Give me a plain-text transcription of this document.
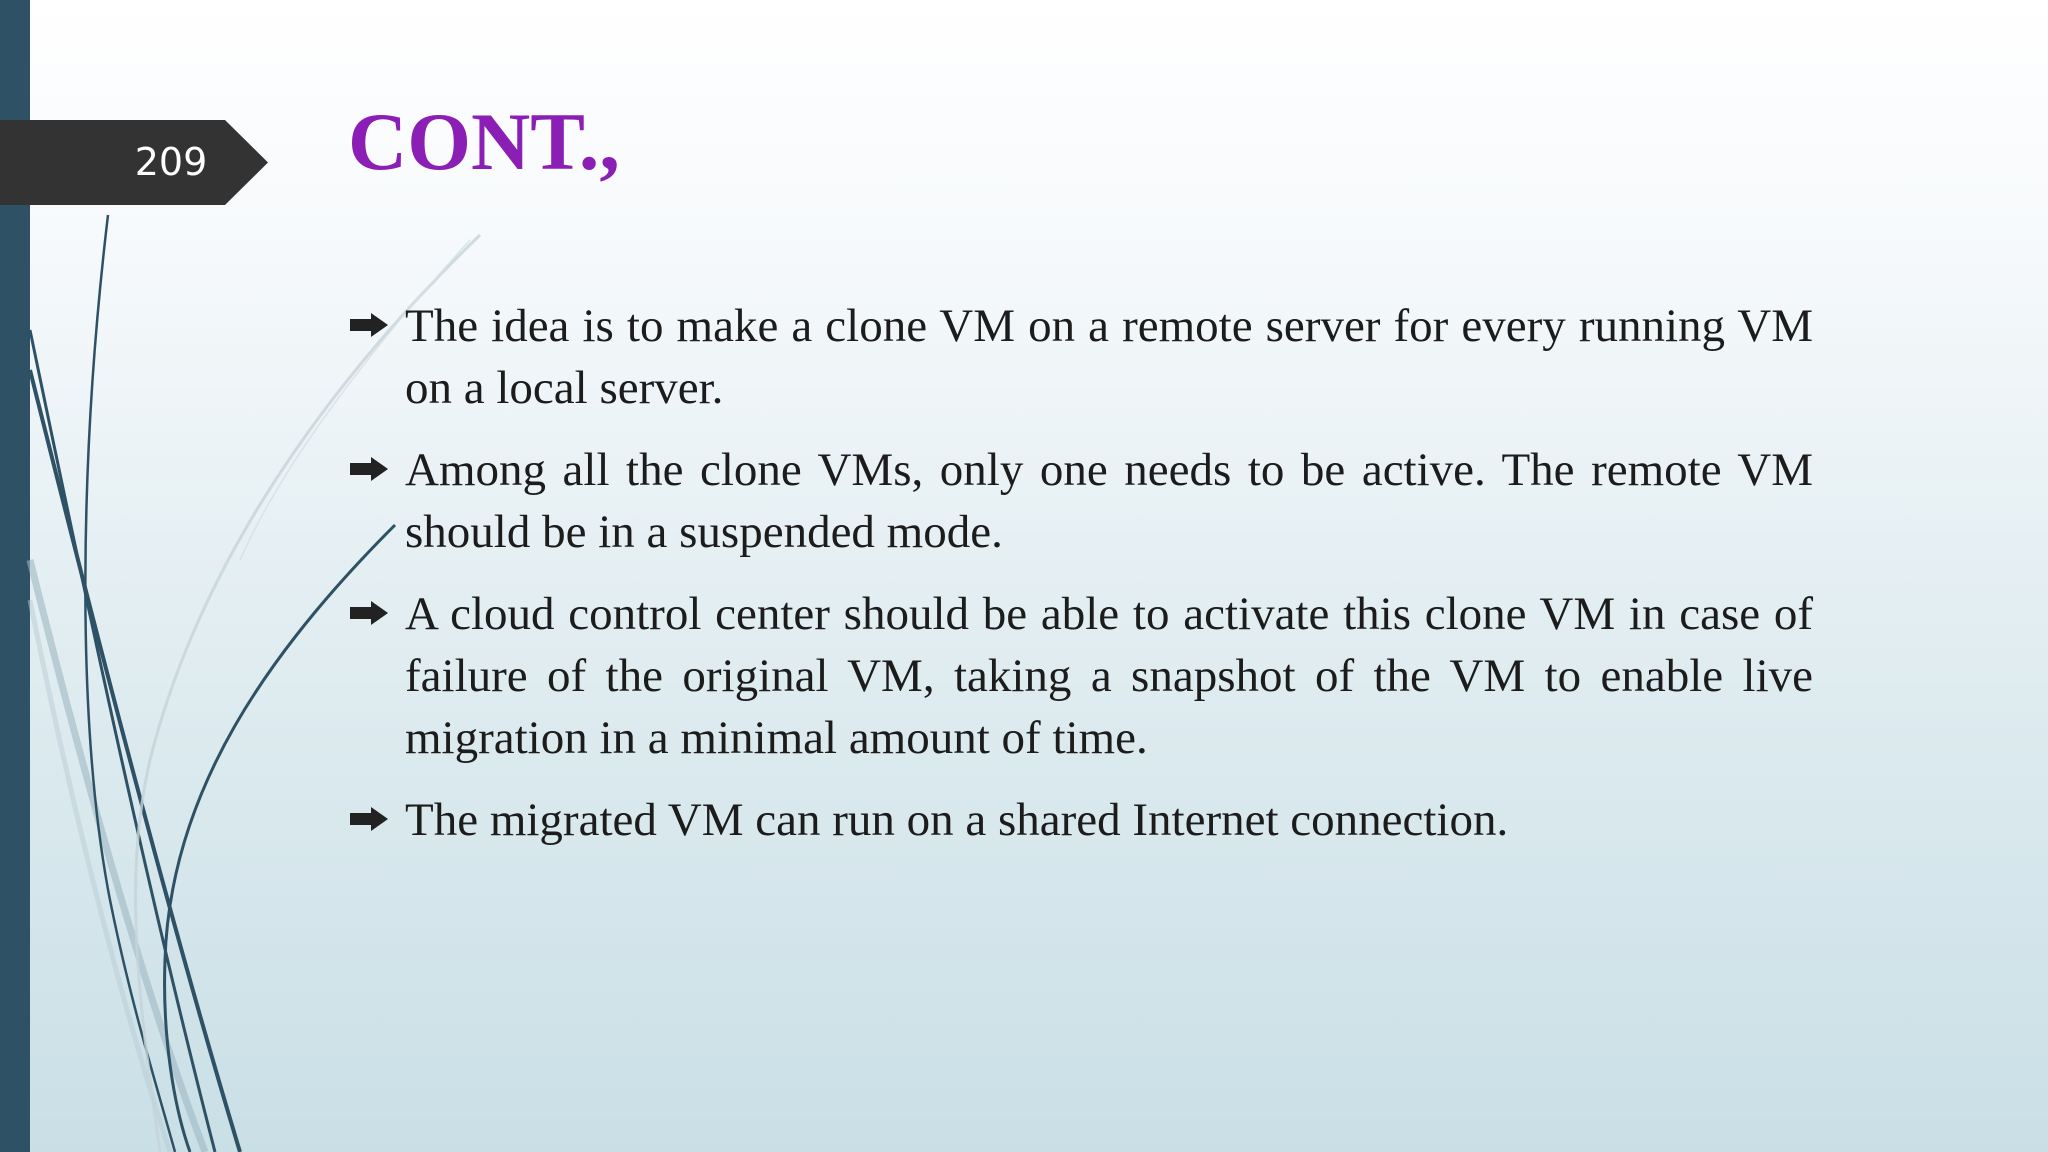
209 CONT.,
The idea is to make a clone VM on a remote server for every running VM on a local server.
Among all the clone VMs, only one needs to be active. The remote VM should be in a suspended mode.
A cloud control center should be able to activate this clone VM in case of failure of the original VM, taking a snapshot of the VM to enable live migration in a minimal amount of time.
The migrated VM can run on a shared Internet connection.
